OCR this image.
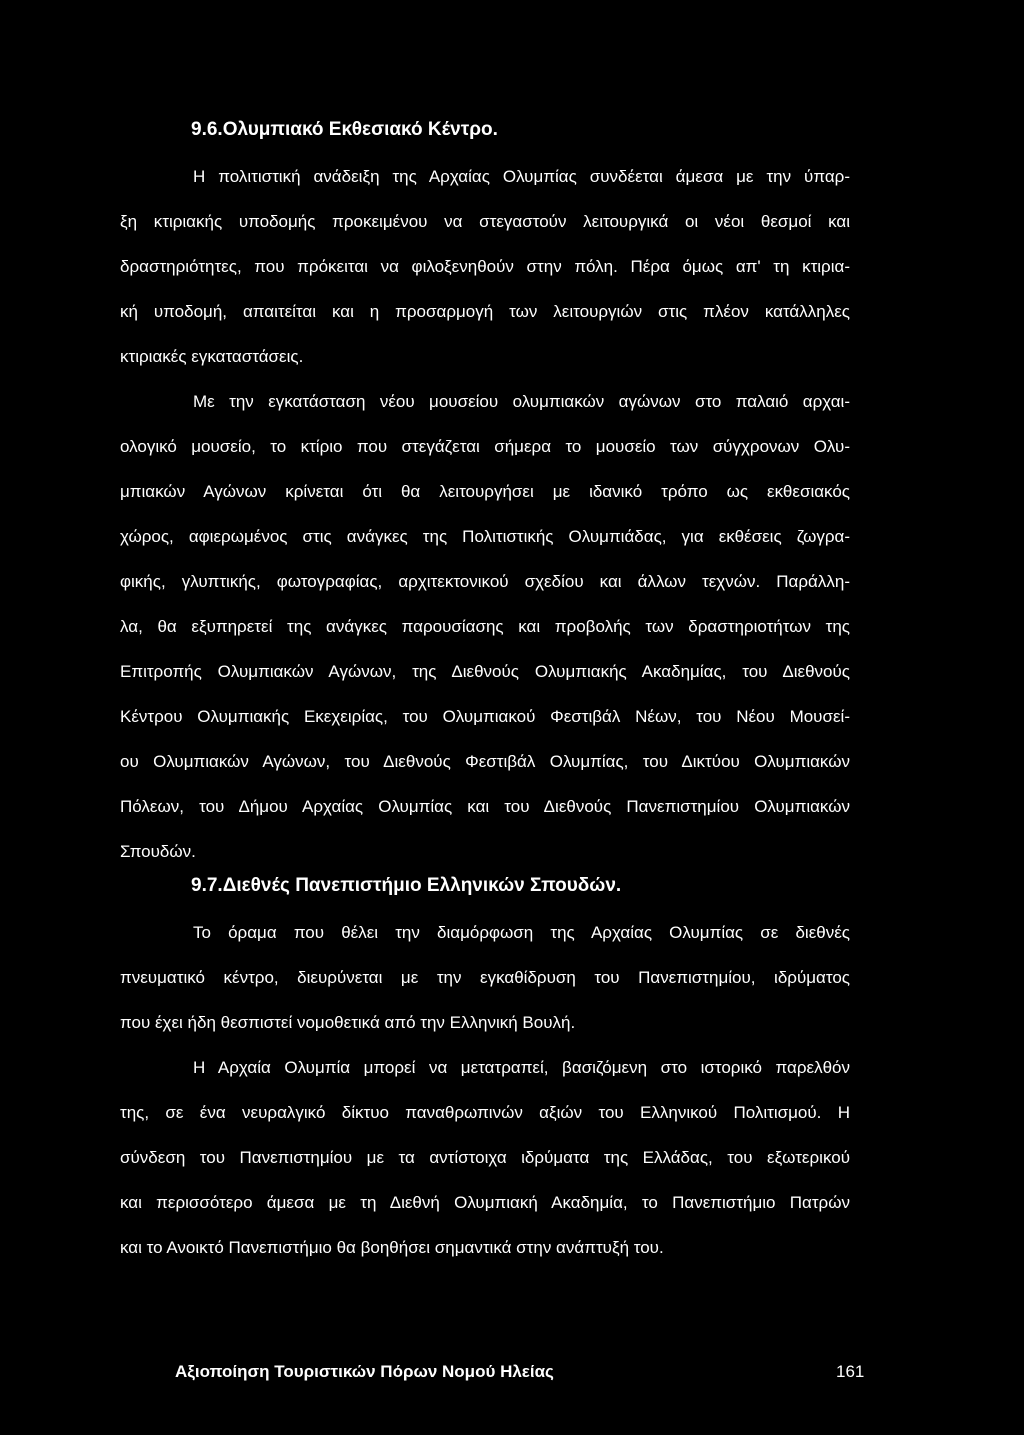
9.6.Ολυμπιακό Εκθεσιακό Κέντρο.
Η πολιτιστική ανάδειξη της Αρχαίας Ολυμπίας συνδέεται άμεσα με την ύπαρ-
ξη κτιριακής υποδομής προκειμένου να στεγαστούν λειτουργικά οι νέοι θεσμοί και
δραστηριότητες, που πρόκειται να φιλοξενηθούν στην πόλη. Πέρα όμως απ' τη κτιρια-
κή υποδομή, απαιτείται και η προσαρμογή των λειτουργιών στις πλέον κατάλληλες
κτιριακές εγκαταστάσεις.
Με την εγκατάσταση νέου μουσείου ολυμπιακών αγώνων στο παλαιό αρχαι-
ολογικό μουσείο, το κτίριο που στεγάζεται σήμερα το μουσείο των σύγχρονων Ολυ-
μπιακών Αγώνων κρίνεται ότι θα λειτουργήσει με ιδανικό τρόπο ως εκθεσιακός
χώρος, αφιερωμένος στις ανάγκες της Πολιτιστικής Ολυμπιάδας, για εκθέσεις ζωγρα-
φικής, γλυπτικής, φωτογραφίας, αρχιτεκτονικού σχεδίου και άλλων τεχνών. Παράλλη-
λα, θα εξυπηρετεί της ανάγκες παρουσίασης και προβολής των δραστηριοτήτων της
Επιτροπής Ολυμπιακών Αγώνων, της Διεθνούς Ολυμπιακής Ακαδημίας, του Διεθνούς
Κέντρου Ολυμπιακής Εκεχειρίας, του Ολυμπιακού Φεστιβάλ Νέων, του Νέου Μουσεί-
ου Ολυμπιακών Αγώνων, του Διεθνούς Φεστιβάλ Ολυμπίας, του Δικτύου Ολυμπιακών
Πόλεων, του Δήμου Αρχαίας Ολυμπίας και του Διεθνούς Πανεπιστημίου Ολυμπιακών
Σπουδών.
9.7.Διεθνές Πανεπιστήμιο Ελληνικών Σπουδών.
Το όραμα που θέλει την διαμόρφωση της Αρχαίας Ολυμπίας σε διεθνές
πνευματικό κέντρο, διευρύνεται με την εγκαθίδρυση του Πανεπιστημίου, ιδρύματος
που έχει ήδη θεσπιστεί νομοθετικά από την Ελληνική Βουλή.
Η Αρχαία Ολυμπία μπορεί να μετατραπεί, βασιζόμενη στο ιστορικό παρελθόν
της, σε ένα νευραλγικό δίκτυο παναθρωπινών αξιών του Ελληνικού Πολιτισμού. Η
σύνδεση του Πανεπιστημίου με τα αντίστοιχα ιδρύματα της Ελλάδας, του εξωτερικού
και περισσότερο άμεσα με τη Διεθνή Ολυμπιακή Ακαδημία, το Πανεπιστήμιο Πατρών
και το Ανοικτό Πανεπιστήμιο θα βοηθήσει σημαντικά στην ανάπτυξή του.
Αξιοποίηση Τουριστικών Πόρων Νομού Ηλείας	161
